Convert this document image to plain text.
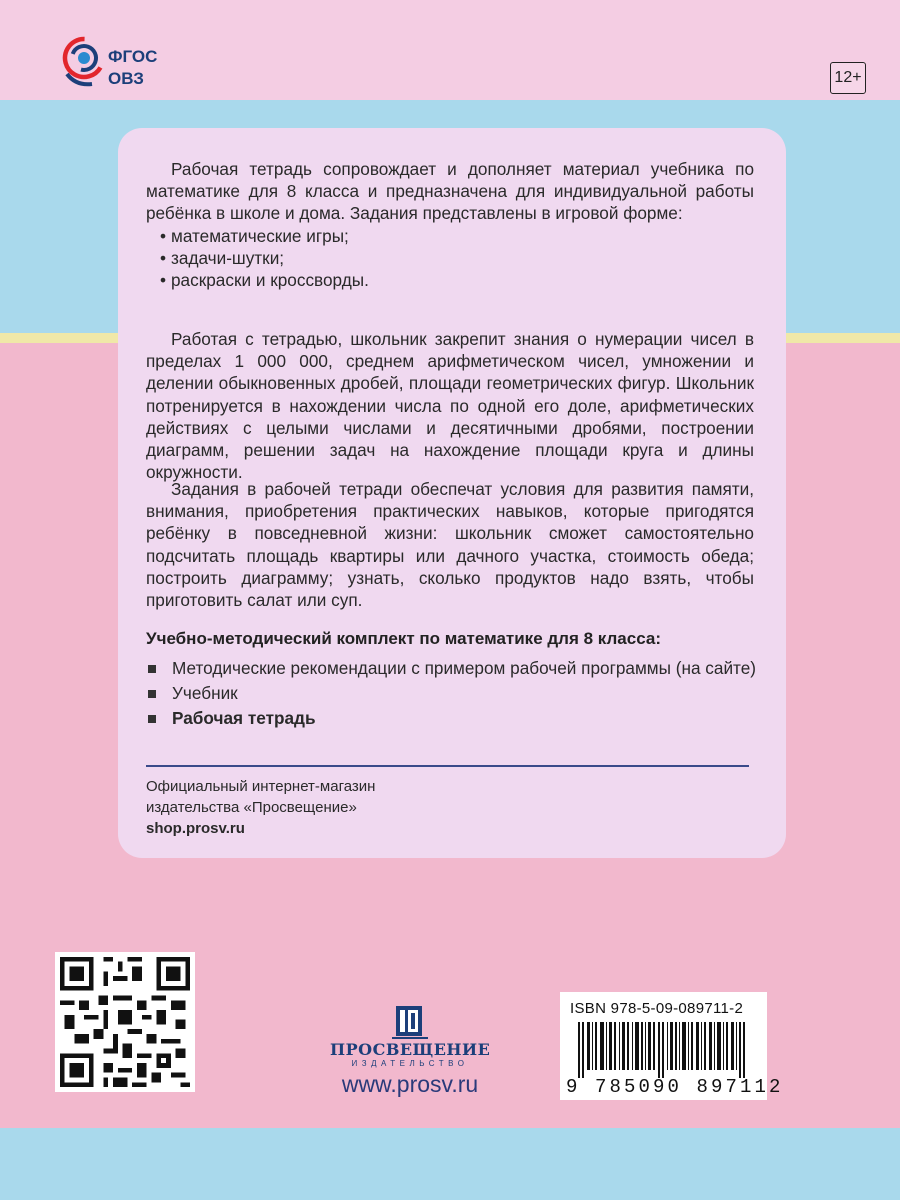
ФГОС
ОВЗ	12+
Рабочая тетрадь сопровождает и дополняет материал учебника по математике для 8 класса и предназначена для индивидуальной работы ребёнка в школе и дома. Задания представлены в игровой форме:
• математические игры;
• задачи-шутки;
• раскраски и кроссворды.
Работая с тетрадью, школьник закрепит знания о нумерации чисел в пределах 1 000 000, среднем арифметическом чисел, умножении и делении обыкновенных дробей, площади геометрических фигур. Школьник потренируется в нахождении числа по одной его доле, арифметических действиях с целыми числами и десятичными дробями, построении диаграмм, решении задач на нахождение площади круга и длины окружности.
Задания в рабочей тетради обеспечат условия для развития памяти, внимания, приобретения практических навыков, которые пригодятся ребёнку в повседневной жизни: школьник сможет самостоятельно подсчитать площадь квартиры или дачного участка, стоимость обеда; построить диаграмму; узнать, сколько продуктов надо взять, чтобы приготовить салат или суп.
Учебно-методический комплект по математике для 8 класса:
Методические рекомендации с примером рабочей программы (на сайте)
Учебник
Рабочая тетрадь
Официальный интернет-магазин
издательства «Просвещение»
shop.prosv.ru
ПРОСВЕЩЕНИЕ
ИЗДАТЕЛЬСТВО
www.prosv.ru
ISBN 978-5-09-089711-2
9 785090 897112
